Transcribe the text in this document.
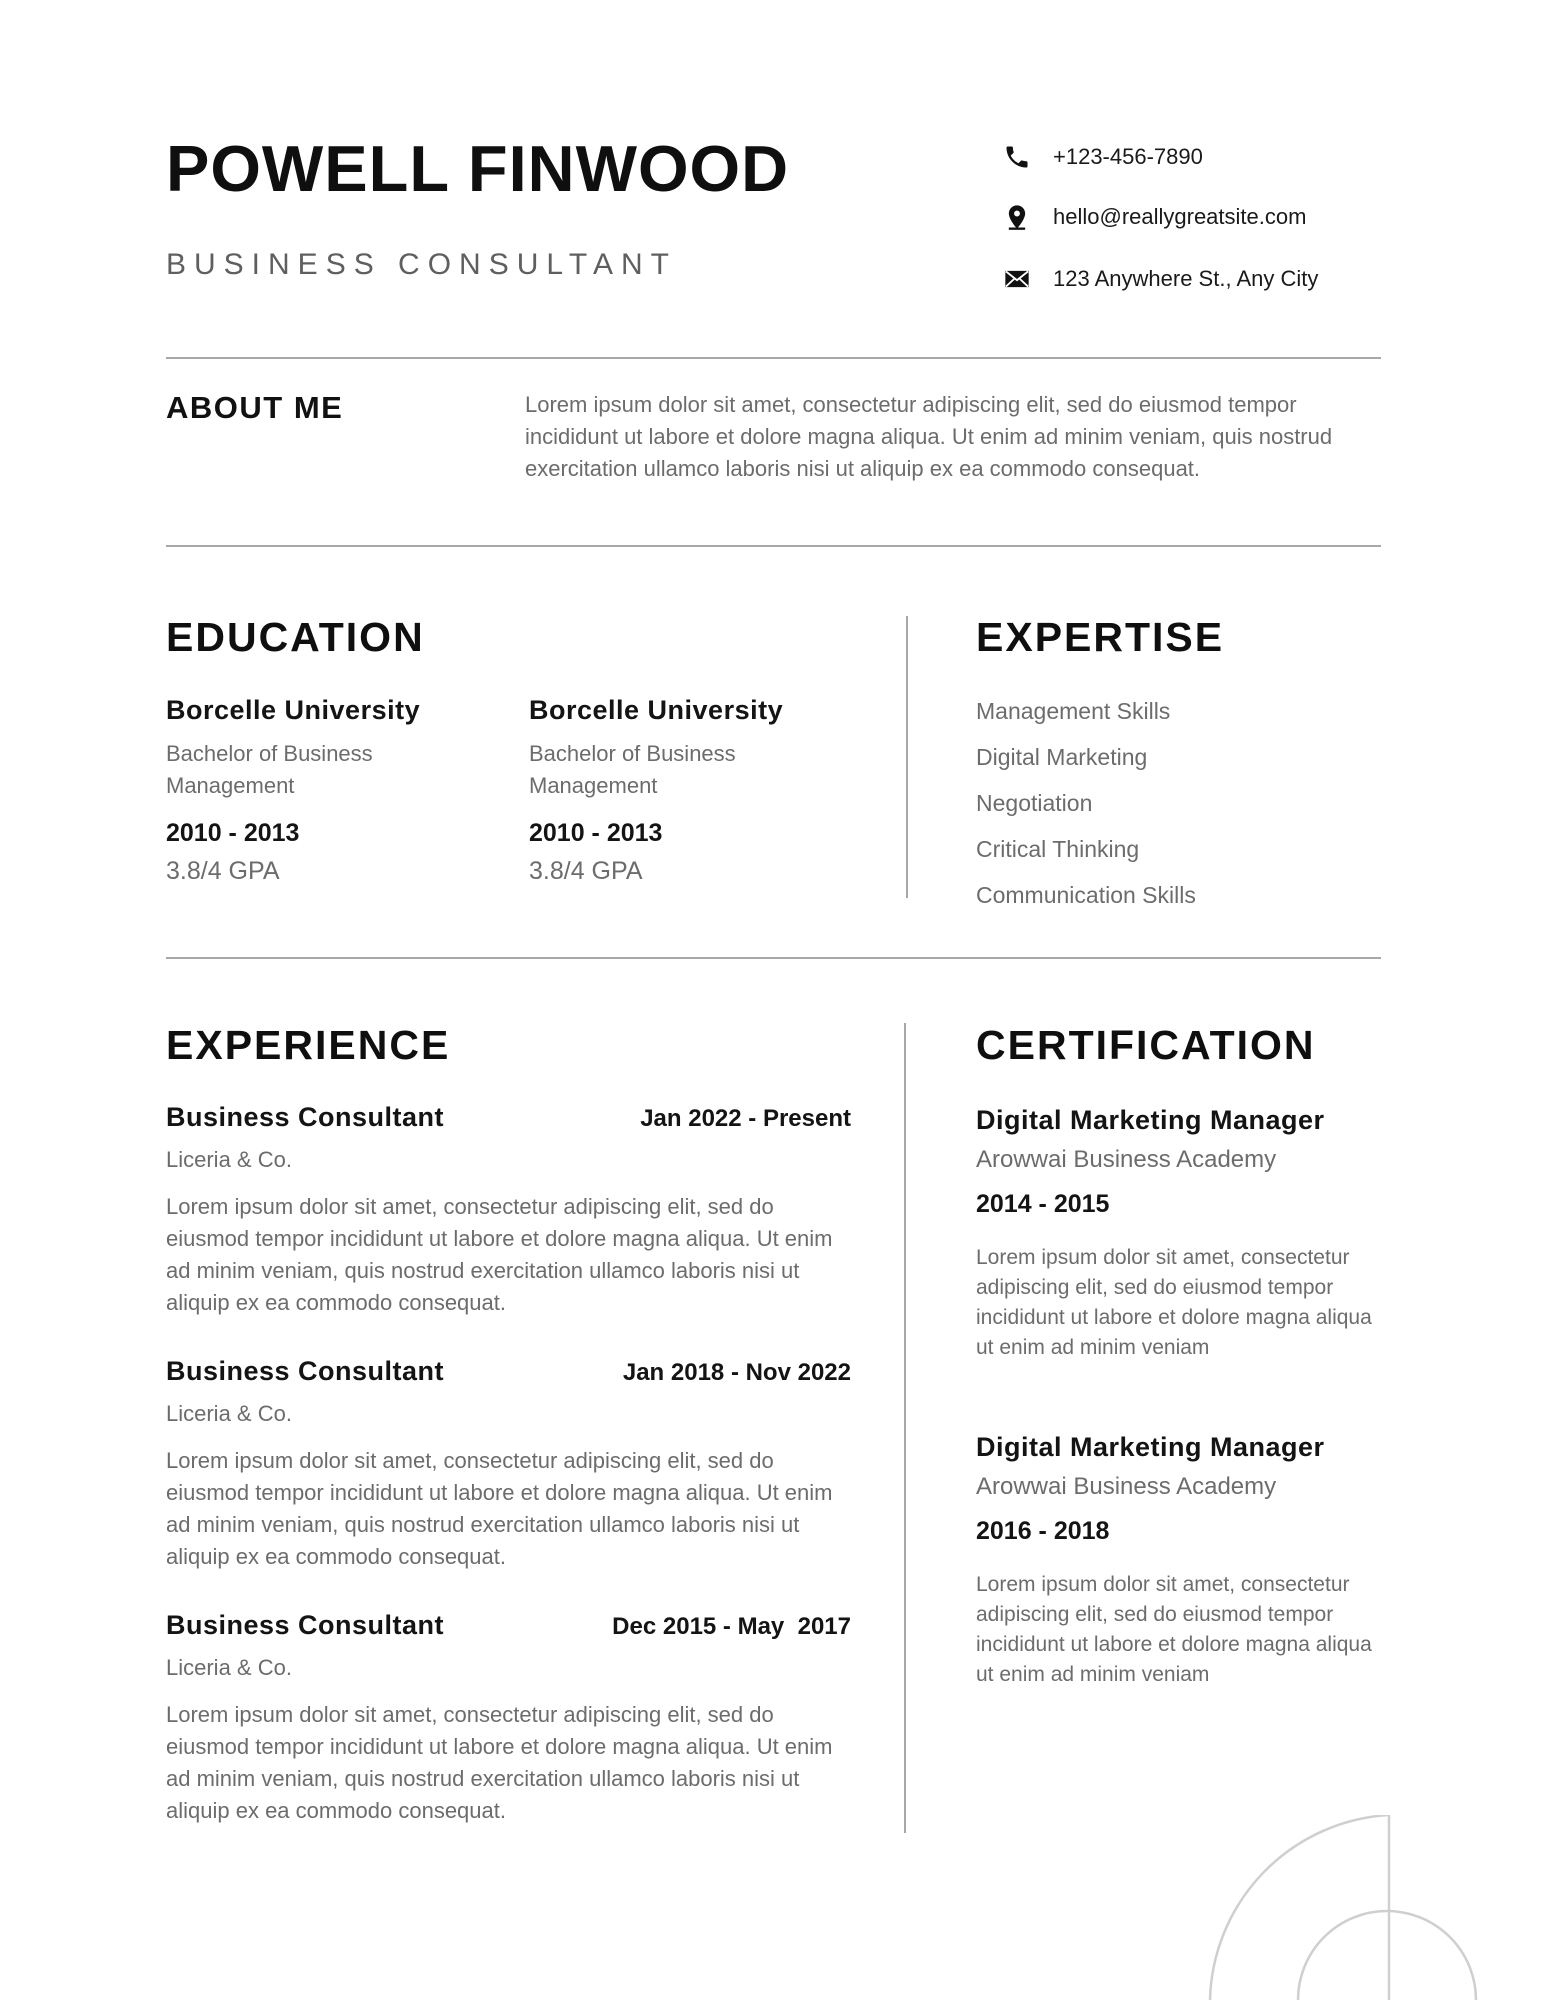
POWELL FINWOOD
BUSINESS CONSULTANT
+123-456-7890
hello@reallygreatsite.com
123 Anywhere St., Any City
ABOUT ME	Lorem ipsum dolor sit amet, consectetur adipiscing elit, sed do eiusmod tempor incididunt ut labore et dolore magna aliqua. Ut enim ad minim veniam, quis nostrud exercitation ullamco laboris nisi ut aliquip ex ea commodo consequat.
EDUCATION
Borcelle University
Bachelor of Business Management
2010 - 2013
3.8/4 GPA
Borcelle University
Bachelor of Business Management
2010 - 2013
3.8/4 GPA
EXPERTISE
Management Skills
Digital Marketing
Negotiation
Critical Thinking
Communication Skills
EXPERIENCE
Business Consultant	Jan 2022 - Present
Liceria & Co.
Lorem ipsum dolor sit amet, consectetur adipiscing elit, sed do eiusmod tempor incididunt ut labore et dolore magna aliqua. Ut enim ad minim veniam, quis nostrud exercitation ullamco laboris nisi ut aliquip ex ea commodo consequat.
Business Consultant	Jan 2018 - Nov 2022
Liceria & Co.
Lorem ipsum dolor sit amet, consectetur adipiscing elit, sed do eiusmod tempor incididunt ut labore et dolore magna aliqua. Ut enim ad minim veniam, quis nostrud exercitation ullamco laboris nisi ut aliquip ex ea commodo consequat.
Business Consultant	Dec 2015 - May  2017
Liceria & Co.
Lorem ipsum dolor sit amet, consectetur adipiscing elit, sed do eiusmod tempor incididunt ut labore et dolore magna aliqua. Ut enim ad minim veniam, quis nostrud exercitation ullamco laboris nisi ut aliquip ex ea commodo consequat.
CERTIFICATION
Digital Marketing Manager
Arowwai Business Academy
2014 - 2015
Lorem ipsum dolor sit amet, consectetur adipiscing elit, sed do eiusmod tempor incididunt ut labore et dolore magna aliqua ut enim ad minim veniam
Digital Marketing Manager
Arowwai Business Academy
2016 - 2018
Lorem ipsum dolor sit amet, consectetur adipiscing elit, sed do eiusmod tempor incididunt ut labore et dolore magna aliqua ut enim ad minim veniam
